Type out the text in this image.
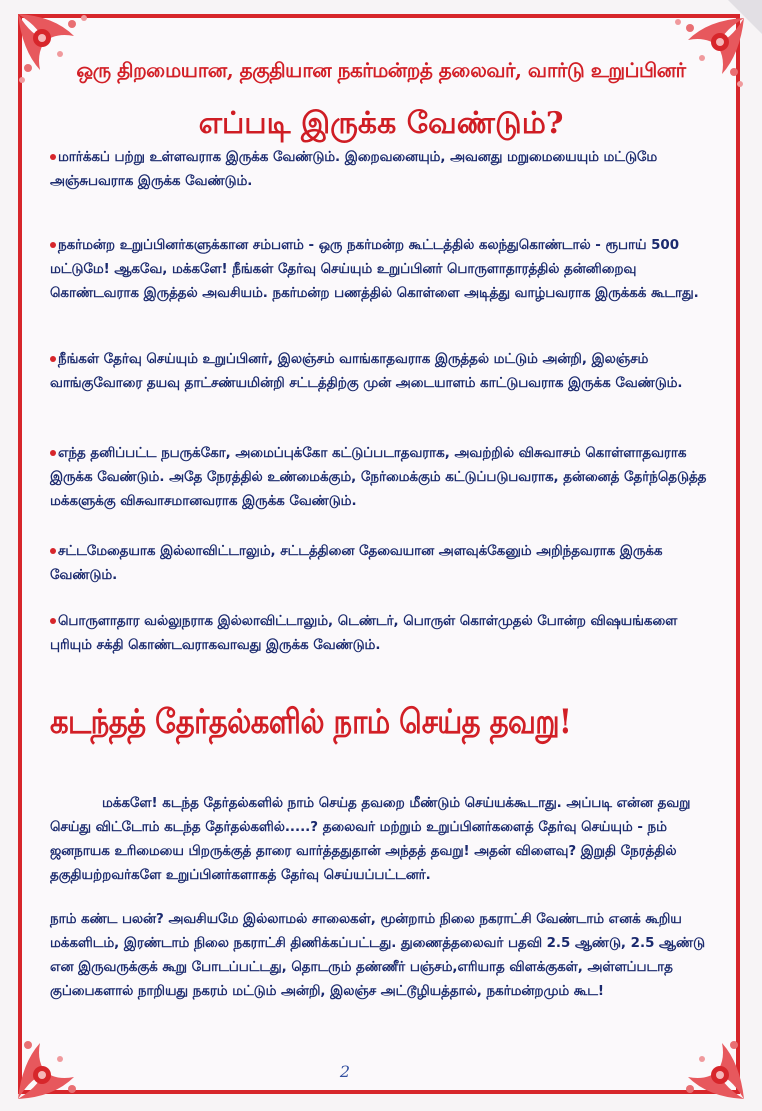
ஒரு திறமையான, தகுதியான நகர்மன்றத் தலைவர், வார்டு உறுப்பினர்
எப்படி இருக்க வேண்டும்?
மார்க்கப் பற்று உள்ளவராக இருக்க வேண்டும். இறைவனையும், அவனது மறுமையையும் மட்டுமே அஞ்சுபவராக இருக்க வேண்டும்.
நகர்மன்ற உறுப்பினர்களுக்கான சம்பளம் - ஒரு நகர்மன்ற கூட்டத்தில் கலந்துகொண்டால் - ரூபாய் 500 மட்டுமே! ஆகவே, மக்களே! நீங்கள் தேர்வு செய்யும் உறுப்பினர் பொருளாதாரத்தில் தன்னிறைவு கொண்டவராக இருத்தல் அவசியம். நகர்மன்ற பணத்தில் கொள்ளை அடித்து வாழ்பவராக இருக்கக் கூடாது.
நீங்கள் தேர்வு செய்யும் உறுப்பினர், இலஞ்சம் வாங்காதவராக இருத்தல் மட்டும் அன்றி, இலஞ்சம் வாங்குவோரை தயவு தாட்சண்யமின்றி சட்டத்திற்கு முன் அடையாளம் காட்டுபவராக இருக்க வேண்டும்.
எந்த தனிப்பட்ட நபருக்கோ, அமைப்புக்கோ கட்டுப்படாதவராக, அவற்றில் விசுவாசம் கொள்ளாதவராக இருக்க வேண்டும். அதே நேரத்தில் உண்மைக்கும், நேர்மைக்கும் கட்டுப்படுபவராக, தன்னைத் தேர்ந்தெடுத்த மக்களுக்கு விசுவாசமானவராக இருக்க வேண்டும்.
சட்டமேதையாக இல்லாவிட்டாலும், சட்டத்தினை தேவையான அளவுக்கேனும் அறிந்தவராக இருக்க வேண்டும்.
பொருளாதார வல்லுநராக இல்லாவிட்டாலும், டெண்டர், பொருள் கொள்முதல் போன்ற விஷயங்களை புரியும் சக்தி கொண்டவராகவாவது இருக்க வேண்டும்.
கடந்தத் தேர்தல்களில் நாம் செய்த தவறு!
மக்களே! கடந்த தேர்தல்களில் நாம் செய்த தவறை மீண்டும் செய்யக்கூடாது. அப்படி என்ன தவறு செய்து விட்டோம் கடந்த தேர்தல்களில்.....? தலைவர் மற்றும் உறுப்பினர்களைத் தேர்வு செய்யும் - நம் ஜனநாயக உரிமையை பிறருக்குத் தாரை வார்த்ததுதான் அந்தத் தவறு! அதன் விளைவு? இறுதி நேரத்தில் தகுதியற்றவர்களே உறுப்பினர்களாகத் தேர்வு செய்யப்பட்டனர்.
நாம் கண்ட பலன்? அவசியமே இல்லாமல் சாலைகள், மூன்றாம் நிலை நகராட்சி வேண்டாம் எனக் கூறிய மக்களிடம், இரண்டாம் நிலை நகராட்சி திணிக்கப்பட்டது. துணைத்தலைவர் பதவி 2.5 ஆண்டு, 2.5 ஆண்டு என இருவருக்குக் கூறு போடப்பட்டது, தொடரும் தண்ணீர் பஞ்சம்,எரியாத விளக்குகள், அள்ளப்படாத குப்பைகளால் நாறியது நகரம் மட்டும் அன்றி, இலஞ்ச அட்டூழியத்தால், நகர்மன்றமும் கூட!
2
